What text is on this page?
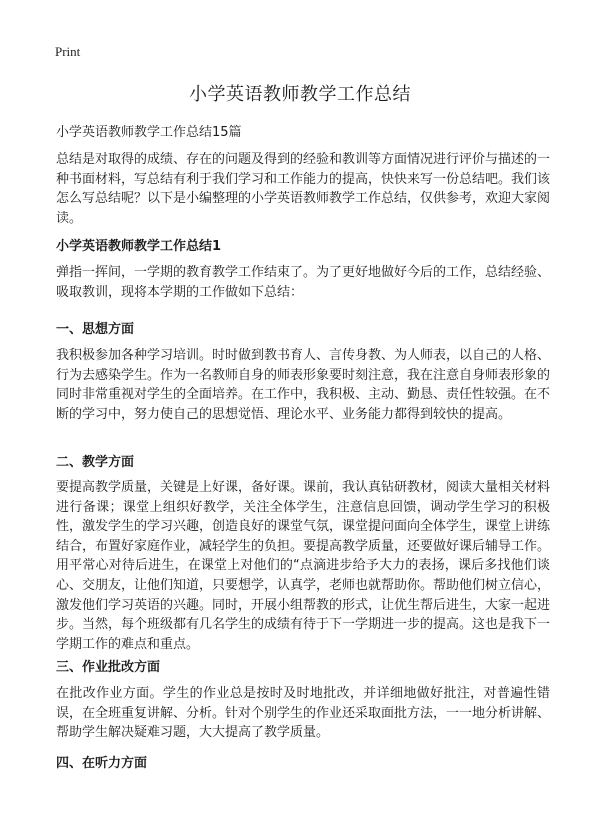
Print
小学英语教师教学工作总结

小学英语教师教学工作总结15篇

总结是对取得的成绩、存在的问题及得到的经验和教训等方面情况进行评价与描述的一种书面材料，写总结有利于我们学习和工作能力的提高，快快来写一份总结吧。我们该怎么写总结呢？以下是小编整理的小学英语教师教学工作总结，仅供参考，欢迎大家阅读。

小学英语教师教学工作总结1

弹指一挥间，一学期的教育教学工作结束了。为了更好地做好今后的工作，总结经验、吸取教训，现将本学期的工作做如下总结：

一、思想方面

我积极参加各种学习培训。时时做到教书育人、言传身教、为人师表，以自己的人格、行为去感染学生。作为一名教师自身的师表形象要时刻注意，我在注意自身师表形象的同时非常重视对学生的全面培养。在工作中，我积极、主动、勤恳、责任性较强。在不断的学习中，努力使自己的思想觉悟、理论水平、业务能力都得到较快的提高。

二、教学方面

要提高教学质量，关键是上好课，备好课。课前，我认真钻研教材，阅读大量相关材料进行备课；课堂上组织好教学，关注全体学生，注意信息回馈，调动学生学习的积极性，激发学生的学习兴趣，创造良好的课堂气氛，课堂提问面向全体学生，课堂上讲练结合，布置好家庭作业，减轻学生的负担。要提高教学质量，还要做好课后辅导工作。用平常心对待后进生，在课堂上对他们的“点滴进步给予大力的表扬，课后多找他们谈心、交朋友，让他们知道，只要想学，认真学，老师也就帮助你。帮助他们树立信心，激发他们学习英语的兴趣。同时，开展小组帮教的形式，让优生帮后进生，大家一起进步。当然，每个班级都有几名学生的成绩有待于下一学期进一步的提高。这也是我下一学期工作的难点和重点。

三、作业批改方面

在批改作业方面。学生的作业总是按时及时地批改，并详细地做好批注，对普遍性错误，在全班重复讲解、分析。针对个别学生的作业还采取面批方法，一一地分析讲解、帮助学生解决疑难习题，大大提高了教学质量。

四、在听力方面
